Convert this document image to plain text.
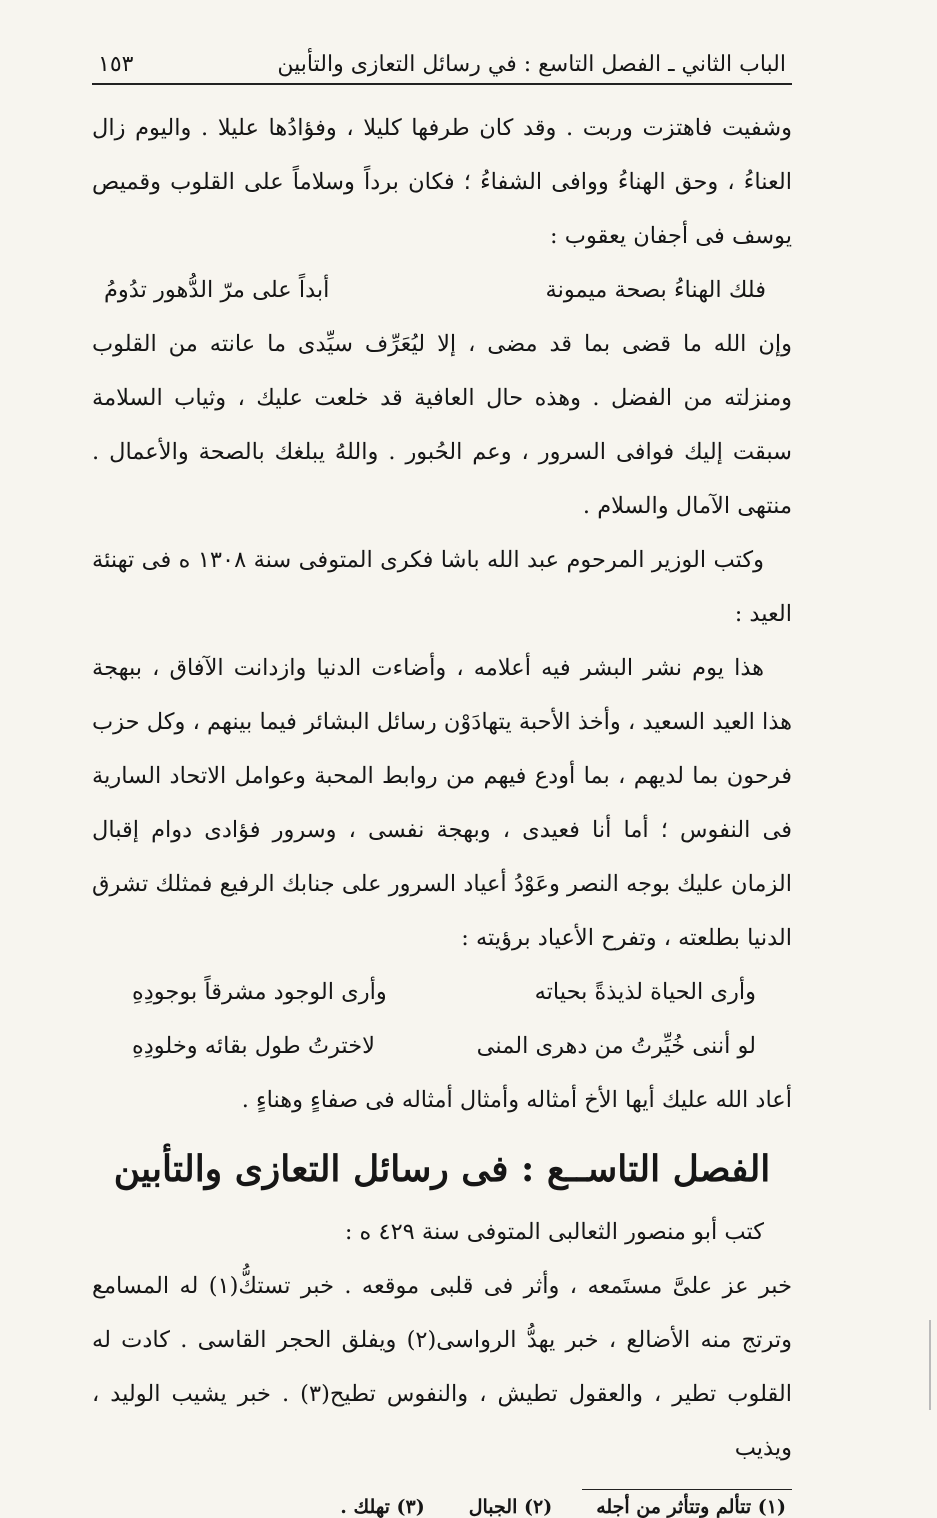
الباب الثاني ـ الفصل التاسع : في رسائل التعازى والتأبين
١٥٣

وشفيت فاهتزت وربت . وقد كان طرفها كليلا ، وفؤادُها عليلا . واليوم زال العناءُ ، وحق الهناءُ ووافى الشفاءُ ؛ فكان برداً وسلاماً على القلوب وقميص يوسف فى أجفان يعقوب :

فلك الهناءُ بصحة ميمونة
أبداً على مرّ الدُّهور تدُومُ

وإن الله ما قضى بما قد مضى ، إلا ليُعَرِّف سيِّدى ما عانته من القلوب ومنزلته من الفضل . وهذه حال العافية قد خلعت عليك ، وثياب السلامة سبقت إليك فوافى السرور ، وعم الحُبور . واللهُ يبلغك بالصحة والأعمال . منتهى الآمال والسلام .

وكتب الوزير المرحوم عبد الله باشا فكرى المتوفى سنة ١٣٠٨ ه فى تهنئة العيد :

هذا يوم نشر البشر فيه أعلامه ، وأضاءت الدنيا وازدانت الآفاق ، ببهجة هذا العيد السعيد ، وأخذ الأحبة يتهادَوْن رسائل البشائر فيما بينهم ، وكل حزب فرحون بما لديهم ، بما أودع فيهم من روابط المحبة وعوامل الاتحاد السارية فى النفوس ؛ أما أنا فعيدى ، وبهجة نفسى ، وسرور فؤادى دوام إقبال الزمان عليك بوجه النصر وعَوْدُ أعياد السرور على جنابك الرفيع فمثلك تشرق الدنيا بطلعته ، وتفرح الأعياد برؤيته :

وأرى الحياة لذيذةً بحياته
وأرى الوجود مشرقاً بوجودِهِ
لو أننى خُيِّرتُ من دهرى المنى
لاخترتُ طول بقائه وخلودِهِ

أعاد الله عليك أيها الأخ أمثاله وأمثال أمثاله فى صفاءٍ وهناءٍ .

الفصل التاســع : فى رسائل التعازى والتأبين

كتب أبو منصور الثعالبى المتوفى سنة ٤٢٩ ه :

خبر عز علىَّ مستَمعه ، وأثر فى قلبى موقعه . خبر تستكُّ(١) له المسامع وترتج منه الأضالع ، خبر يهدُّ الرواسى(٢) ويفلق الحجر القاسى . كادت له القلوب تطير ، والعقول تطيش ، والنفوس تطيح(٣) . خبر يشيب الوليد ، ويذيب

(١) تتألم وتتأثر من أجله
(٢) الجبال
(٣) تهلك .
